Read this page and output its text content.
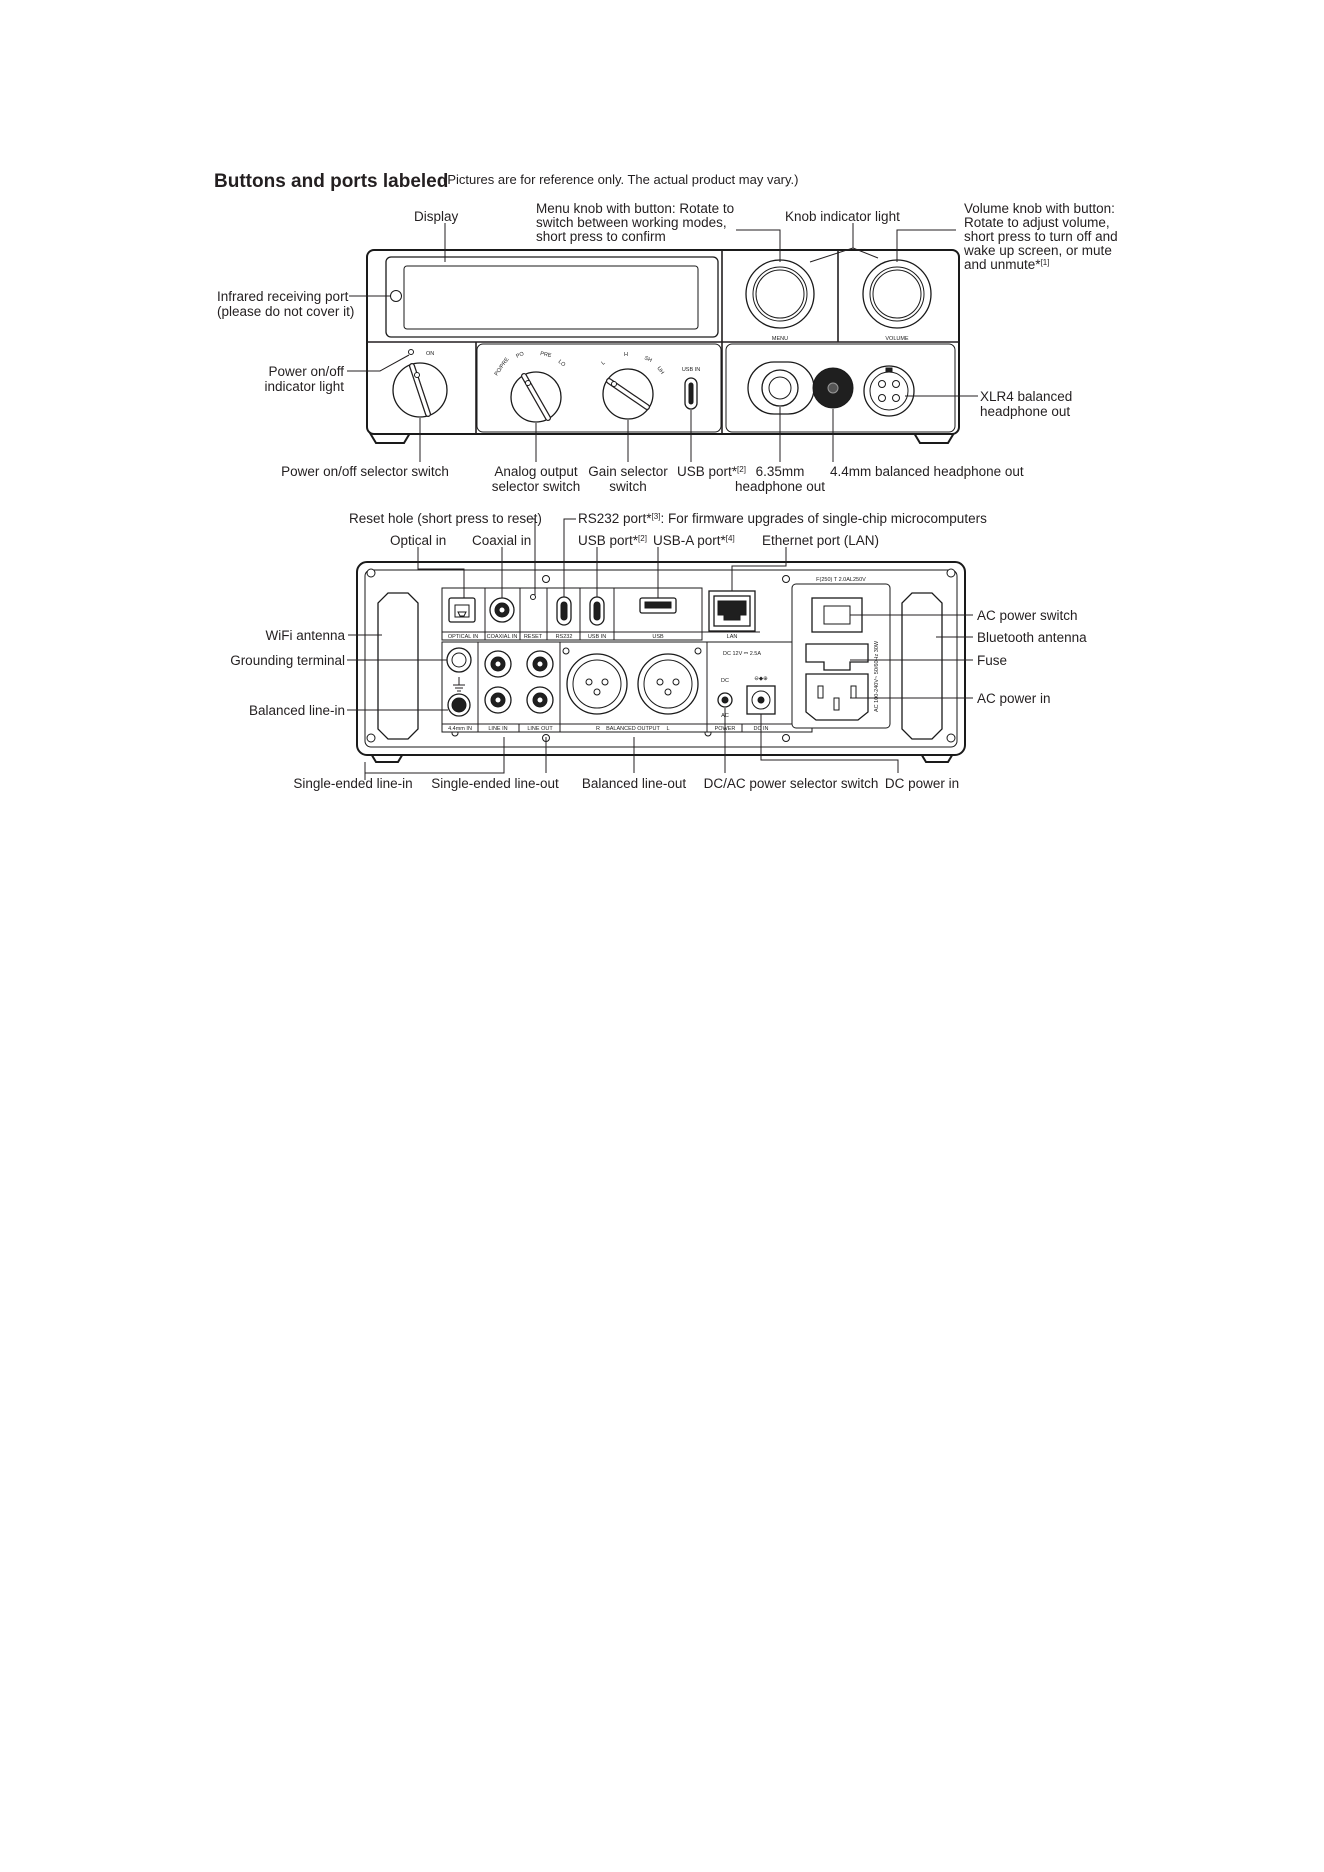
Buttons and ports labeled
(Pictures are for reference only. The actual product may vary.)
MENU	VOLUME
ON
PO/PRE
PO	PRE
LO	L
H
SH
UH	USB IN
Display
Menu knob with button: Rotate to
switch between working modes,
short press to confirm
Knob indicator light
Volume knob with button:
Rotate to adjust volume,
short press to turn off and
wake up screen, or mute
and unmute*[1]
Infrared receiving port
(please do not cover it)
Power on/off
indicator light
XLR4 balanced
headphone out
Power on/off selector switch	Analog output
selector switch
Gain selector
switch
USB port*[2] 6.35mm
headphone out
4.4mm balanced headphone out
⊖◆⊕
OPTICAL IN COAXIAL IN RESET RS232	USB IN	USB	LAN
4.4mm IN	LINE IN	LINE OUT	R BALANCED OUTPUT L	POWER	DC IN
DC 12V ⎓ 2.5A
DC
AC
F(250) T 2.0AL250V
AC 100-240V~ 50/60Hz 30W
Reset hole (short press to reset)	RS232 port*[3]: For firmware upgrades of single-chip microcomputers
Optical in Coaxial in	USB port*[2] USB-A port*[4] Ethernet port (LAN)
WiFi antenna
Grounding terminal
Balanced line-in
AC power switch
Bluetooth antenna
Fuse
AC power in
Single-ended line-in Single-ended line-out Balanced line-out DC/AC power selector switch DC power in
